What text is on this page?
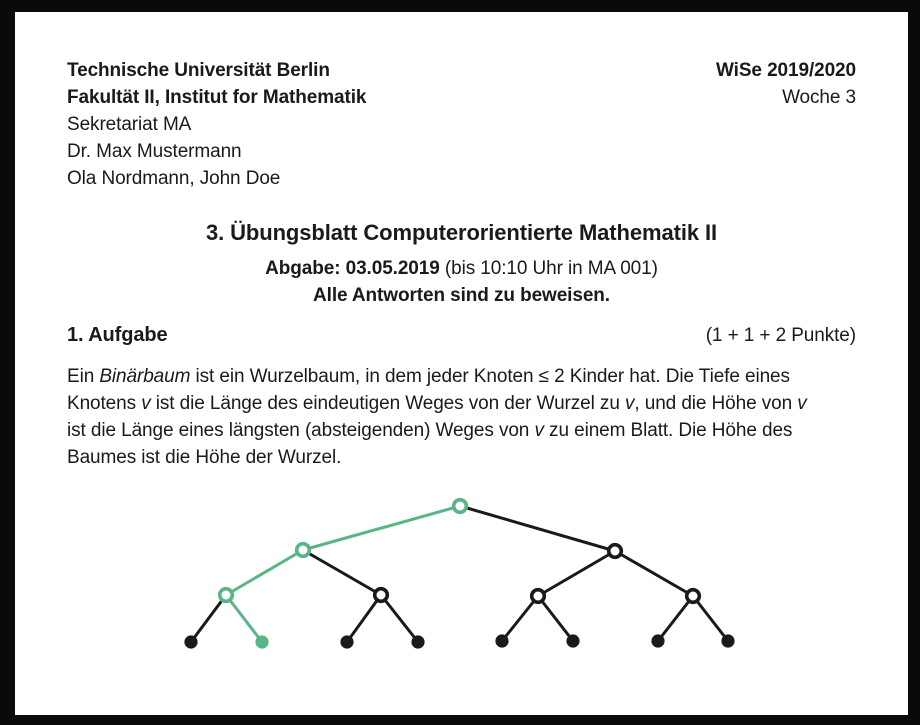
Technische Universität Berlin
Fakultät II, Institut for Mathematik
Sekretariat MA
Dr. Max Mustermann
Ola Nordmann, John Doe
WiSe 2019/2020
Woche 3
3. Übungsblatt Computerorientierte Mathematik II
Abgabe: 03.05.2019 (bis 10:10 Uhr in MA 001)
Alle Antworten sind zu beweisen.
1. Aufgabe	(1 + 1 + 2 Punkte)
Ein Binärbaum ist ein Wurzelbaum, in dem jeder Knoten ≤ 2 Kinder hat. Die Tiefe eines
Knotens v ist die Länge des eindeutigen Weges von der Wurzel zu v, und die Höhe von v
ist die Länge eines längsten (absteigenden) Weges von v zu einem Blatt. Die Höhe des
Baumes ist die Höhe der Wurzel.
